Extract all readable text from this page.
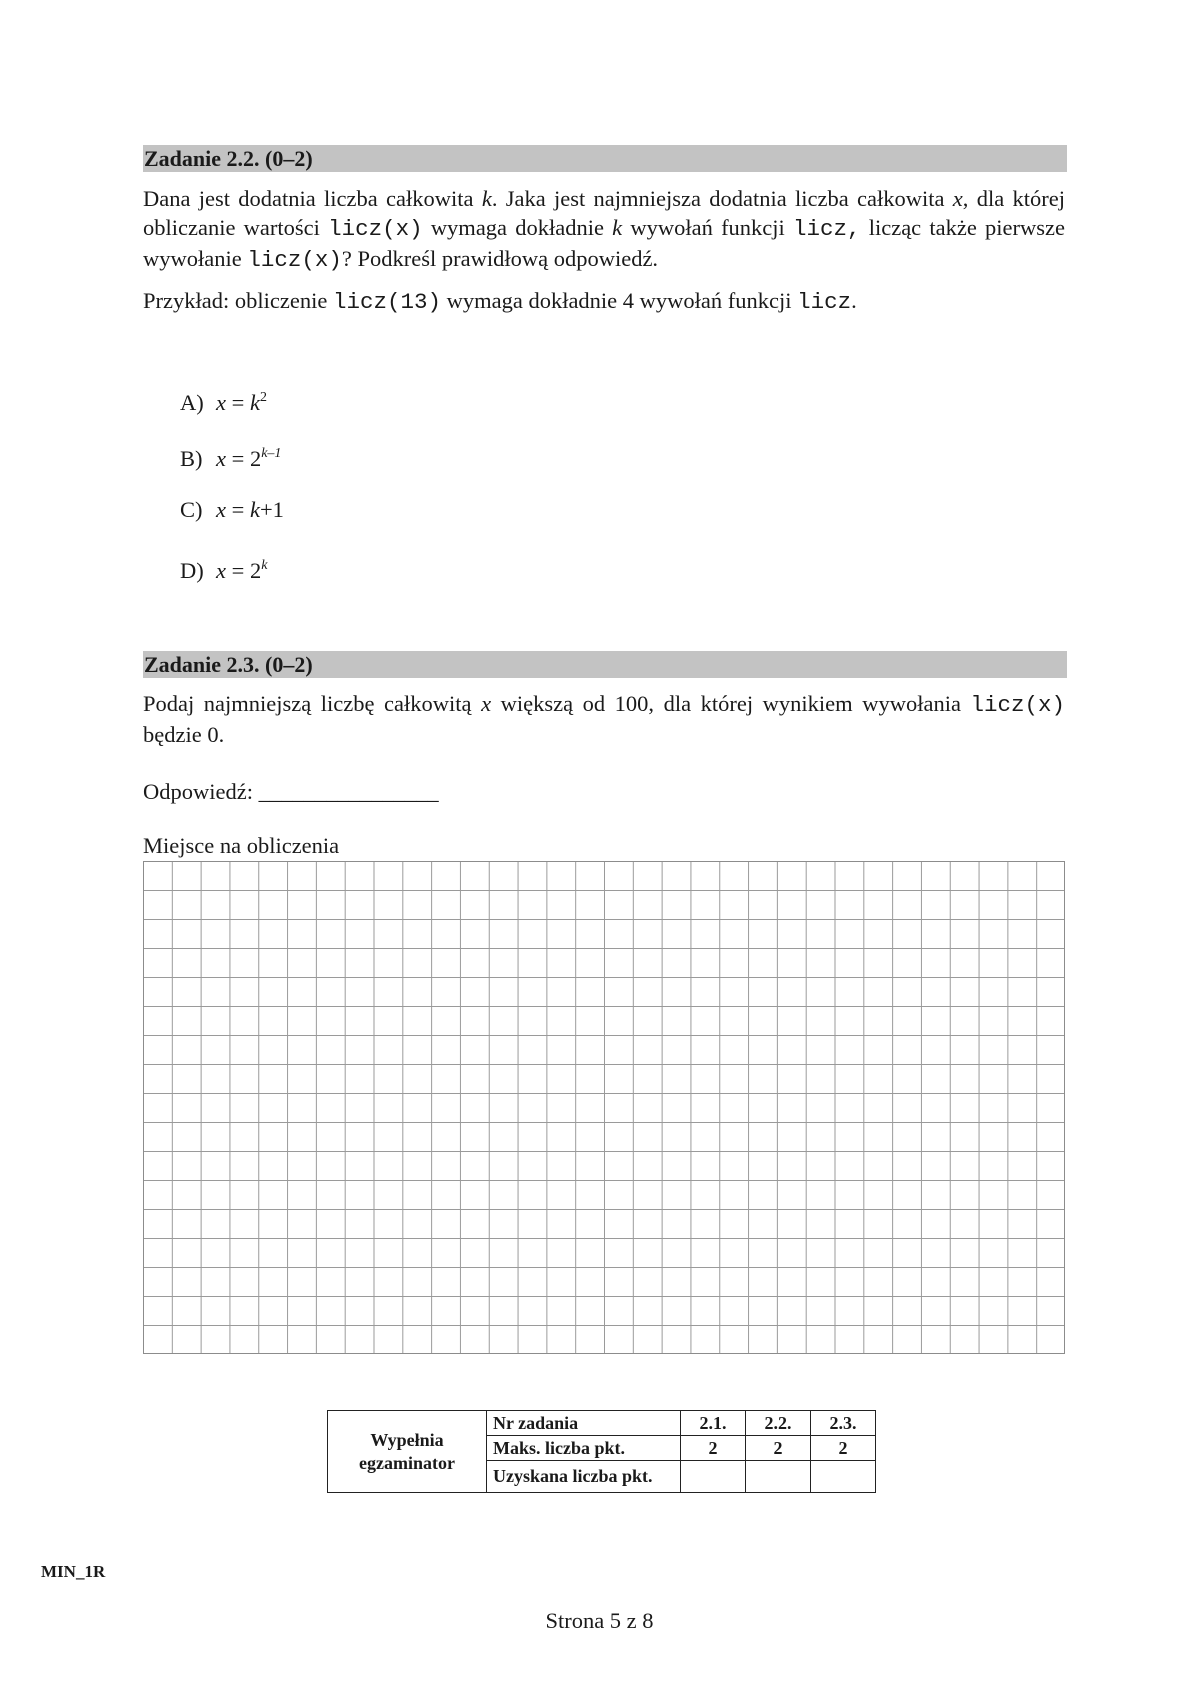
Zadanie 2.2. (0–2)
Dana jest dodatnia liczba całkowita k. Jaka jest najmniejsza dodatnia liczba całkowita x, dla której obliczanie wartości licz(x) wymaga dokładnie k wywołań funkcji licz, licząc także pierwsze wywołanie licz(x)? Podkreśl prawidłową odpowiedź.
Przykład: obliczenie licz(13) wymaga dokładnie 4 wywołań funkcji licz.
A) $x = k^2$
B) $x = 2^{k-1}$
C) x = k+1
D) $x = 2^k$
Zadanie 2.3. (0–2)
Podaj najmniejszą liczbę całkowitą x większą od 100, dla której wynikiem wywołania licz(x) będzie 0.
Odpowiedź: ________________
Miejsce na obliczenia
Wypełnia
egzaminator	Nr zadania	2.1.	2.2.	2.3.
	Maks. liczba pkt.	2	2	2
	Uzyskana liczba pkt.			
MIN_1R
Strona 5 z 8
